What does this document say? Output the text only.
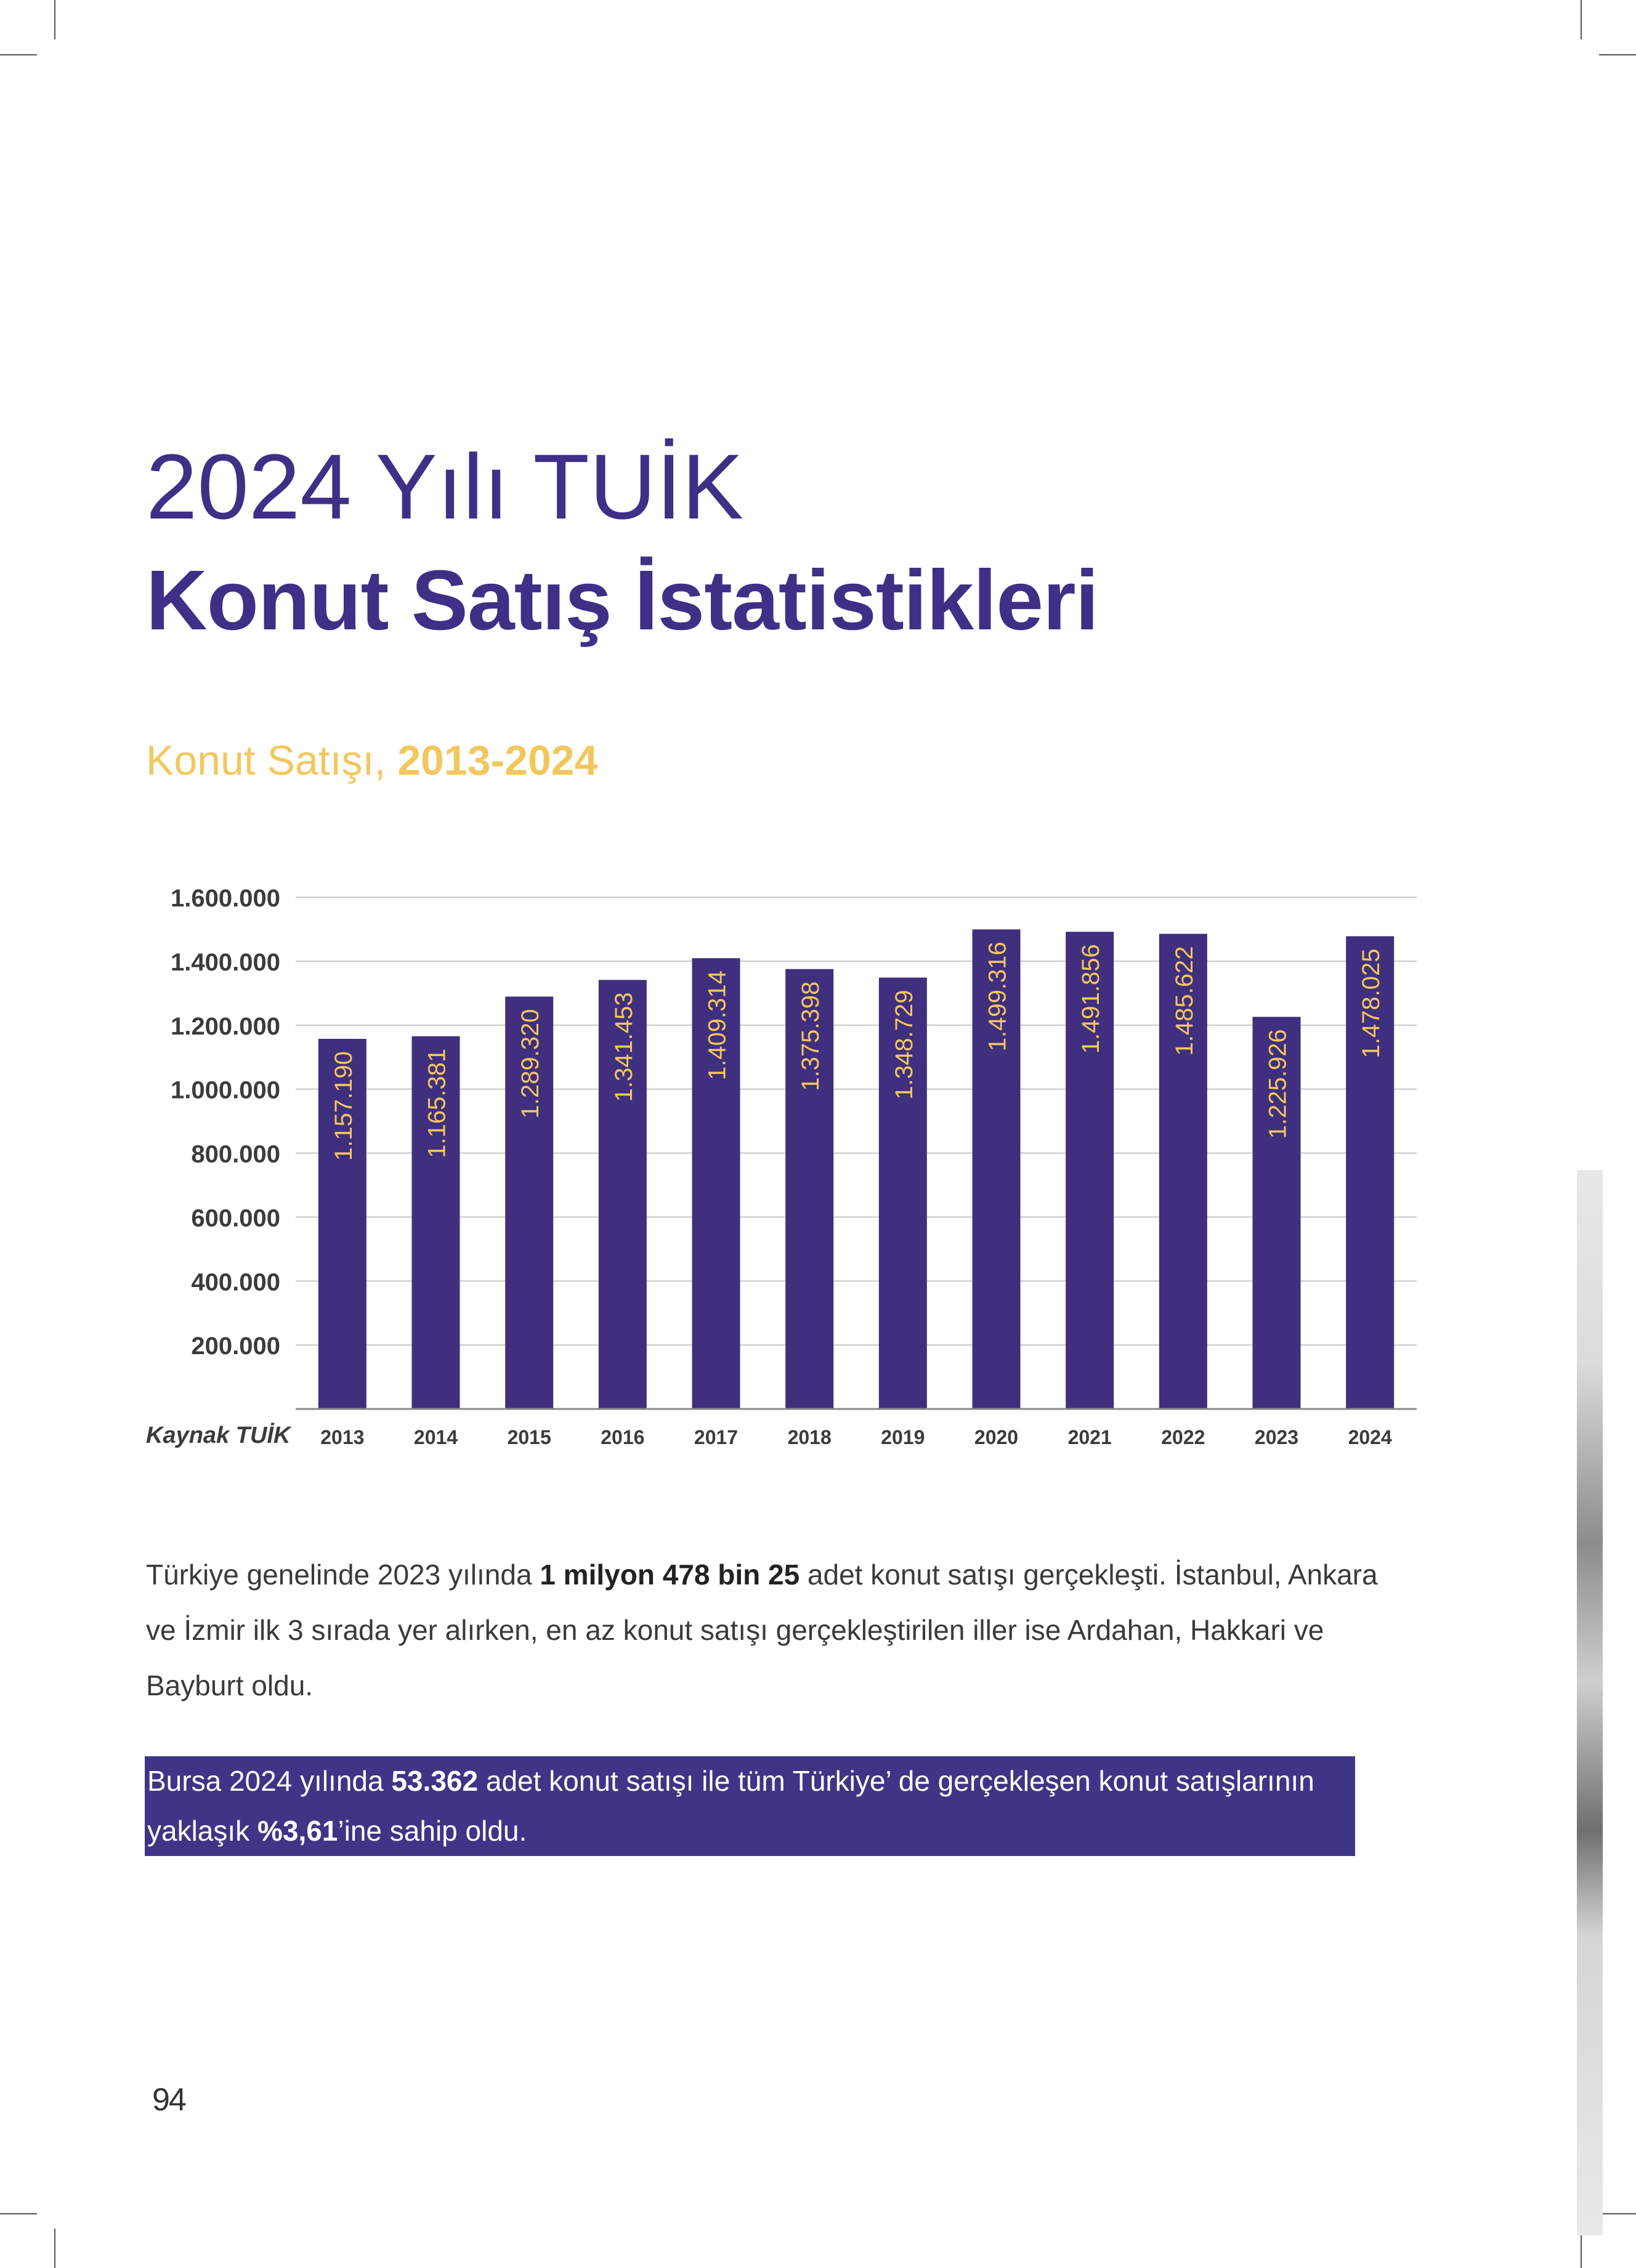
2024 Yılı TUİK
Konut Satış İstatistikleri

Konut Satışı, 2013-2024

200.000
400.000
600.000
800.000
1.000.000
1.200.000
1.400.000
1.600.000
1.157.190	1.165.381	1.289.320	1.341.453	1.409.314	1.375.398	1.348.729	1.499.316	1.491.856	1.485.622
1.225.926
1.478.025
2013	2014	2015	2016	2017	2018	2019	2020	2021	2022	2023	2024
Kaynak TUİK

Türkiye genelinde 2023 yılında 1 milyon 478 bin 25 adet konut satışı gerçekleşti. İstanbul, Ankara ve İzmir ilk 3 sırada yer alırken, en az konut satışı gerçekleştirilen iller ise Ardahan, Hakkari ve Bayburt oldu.

Bursa 2024 yılında 53.362 adet konut satışı ile tüm Türkiye’ de gerçekleşen konut satışlarının yaklaşık %3,61’ine sahip oldu.

94
